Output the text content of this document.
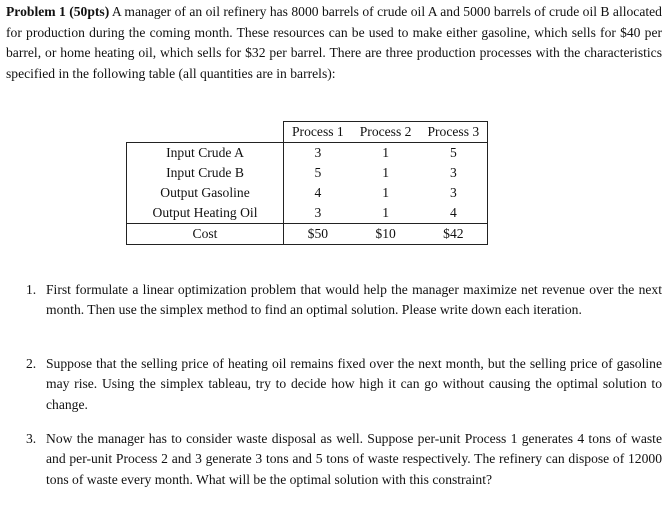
Problem 1 (50pts) A manager of an oil refinery has 8000 barrels of crude oil A and 5000 barrels of crude oil B allocated for production during the coming month. These resources can be used to make either gasoline, which sells for $40 per barrel, or home heating oil, which sells for $32 per barrel. There are three production processes with the characteristics specified in the following table (all quantities are in barrels):
	Process 1	Process 2	Process 3
Input Crude A	3	1	5
Input Crude B	5	1	3
Output Gasoline	4	1	3
Output Heating Oil	3	1	4
Cost	$50	$10	$42
1. First formulate a linear optimization problem that would help the manager maximize net revenue over the next month. Then use the simplex method to find an optimal solution. Please write down each iteration.
2. Suppose that the selling price of heating oil remains fixed over the next month, but the selling price of gasoline may rise. Using the simplex tableau, try to decide how high it can go without causing the optimal solution to change.
3. Now the manager has to consider waste disposal as well. Suppose per-unit Process 1 generates 4 tons of waste and per-unit Process 2 and 3 generate 3 tons and 5 tons of waste respectively. The refinery can dispose of 12000 tons of waste every month. What will be the optimal solution with this constraint?
